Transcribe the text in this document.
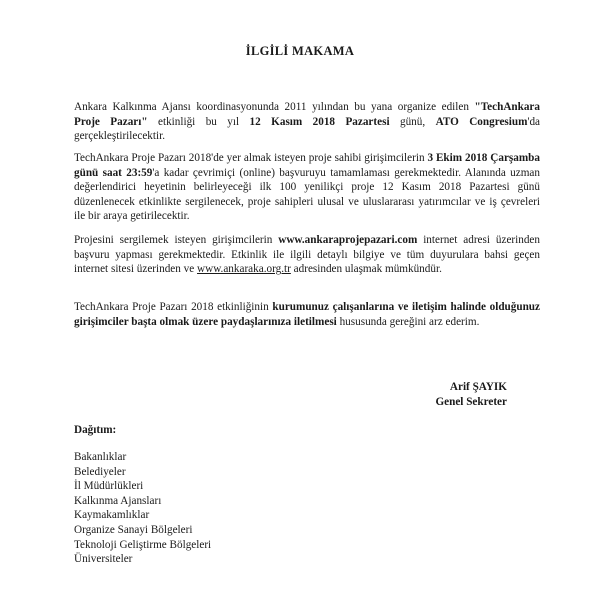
İLGİLİ MAKAMA

Ankara Kalkınma Ajansı koordinasyonunda 2011 yılından bu yana organize edilen "TechAnkara Proje Pazarı" etkinliği bu yıl 12 Kasım 2018 Pazartesi günü, ATO Congresium'da gerçekleştirilecektir.

TechAnkara Proje Pazarı 2018'de yer almak isteyen proje sahibi girişimcilerin 3 Ekim 2018 Çarşamba günü saat 23:59'a kadar çevrimiçi (online) başvuruyu tamamlaması gerekmektedir. Alanında uzman değerlendirici heyetinin belirleyeceği ilk 100 yenilikçi proje 12 Kasım 2018 Pazartesi günü düzenlenecek etkinlikte sergilenecek, proje sahipleri ulusal ve uluslararası yatırımcılar ve iş çevreleri ile bir araya getirilecektir.

Projesini sergilemek isteyen girişimcilerin www.ankaraprojepazari.com internet adresi üzerinden başvuru yapması gerekmektedir. Etkinlik ile ilgili detaylı bilgiye ve tüm duyurulara bahsi geçen internet sitesi üzerinden ve www.ankaraka.org.tr adresinden ulaşmak mümkündür.

TechAnkara Proje Pazarı 2018 etkinliğinin kurumunuz çalışanlarına ve iletişim halinde olduğunuz girişimciler başta olmak üzere paydaşlarınıza iletilmesi hususunda gereğini arz ederim.

Arif ŞAYIK
Genel Sekreter
Dağıtım:
Bakanlıklar
Belediyeler
İl Müdürlükleri
Kalkınma Ajansları
Kaymakamlıklar
Organize Sanayi Bölgeleri
Teknoloji Geliştirme Bölgeleri
Üniversiteler
